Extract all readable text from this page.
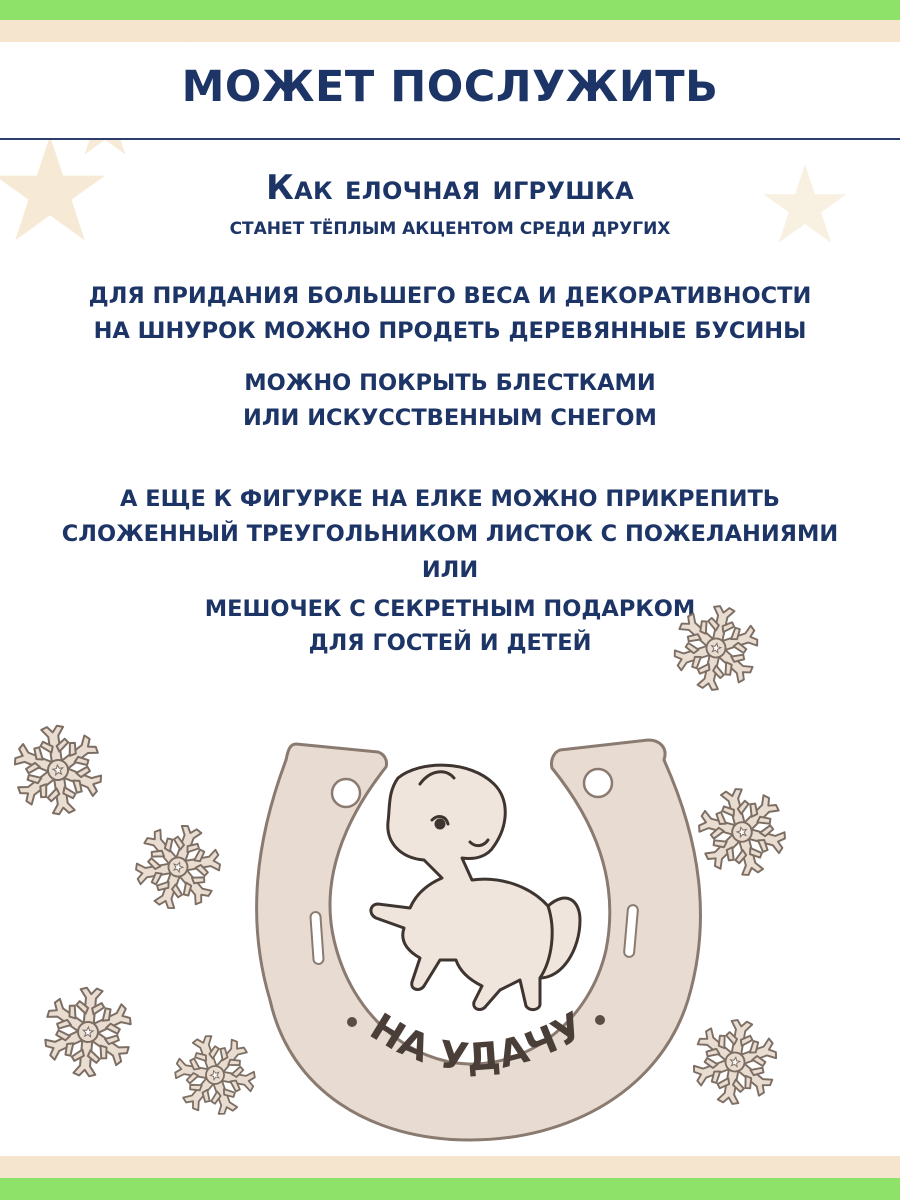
МОЖЕТ ПОСЛУЖИТЬ

Как елочная игрушка

СТАНЕТ ТЁПЛЫМ АКЦЕНТОМ СРЕДИ ДРУГИХ

ДЛЯ ПРИДАНИЯ БОЛЬШЕГО ВЕСА И ДЕКОРАТИВНОСТИ

НА ШНУРОК МОЖНО ПРОДЕТЬ ДЕРЕВЯННЫЕ БУСИНЫ

МОЖНО ПОКРЫТЬ БЛЕСТКАМИ

ИЛИ ИСКУССТВЕННЫМ СНЕГОМ

А ЕЩЕ К ФИГУРКЕ НА ЕЛКЕ МОЖНО ПРИКРЕПИТЬ

СЛОЖЕННЫЙ ТРЕУГОЛЬНИКОМ ЛИСТОК С ПОЖЕЛАНИЯМИ

ИЛИ

МЕШОЧЕК С СЕКРЕТНЫМ ПОДАРКОМ

ДЛЯ ГОСТЕЙ И ДЕТЕЙ

НА УДАЧУ
